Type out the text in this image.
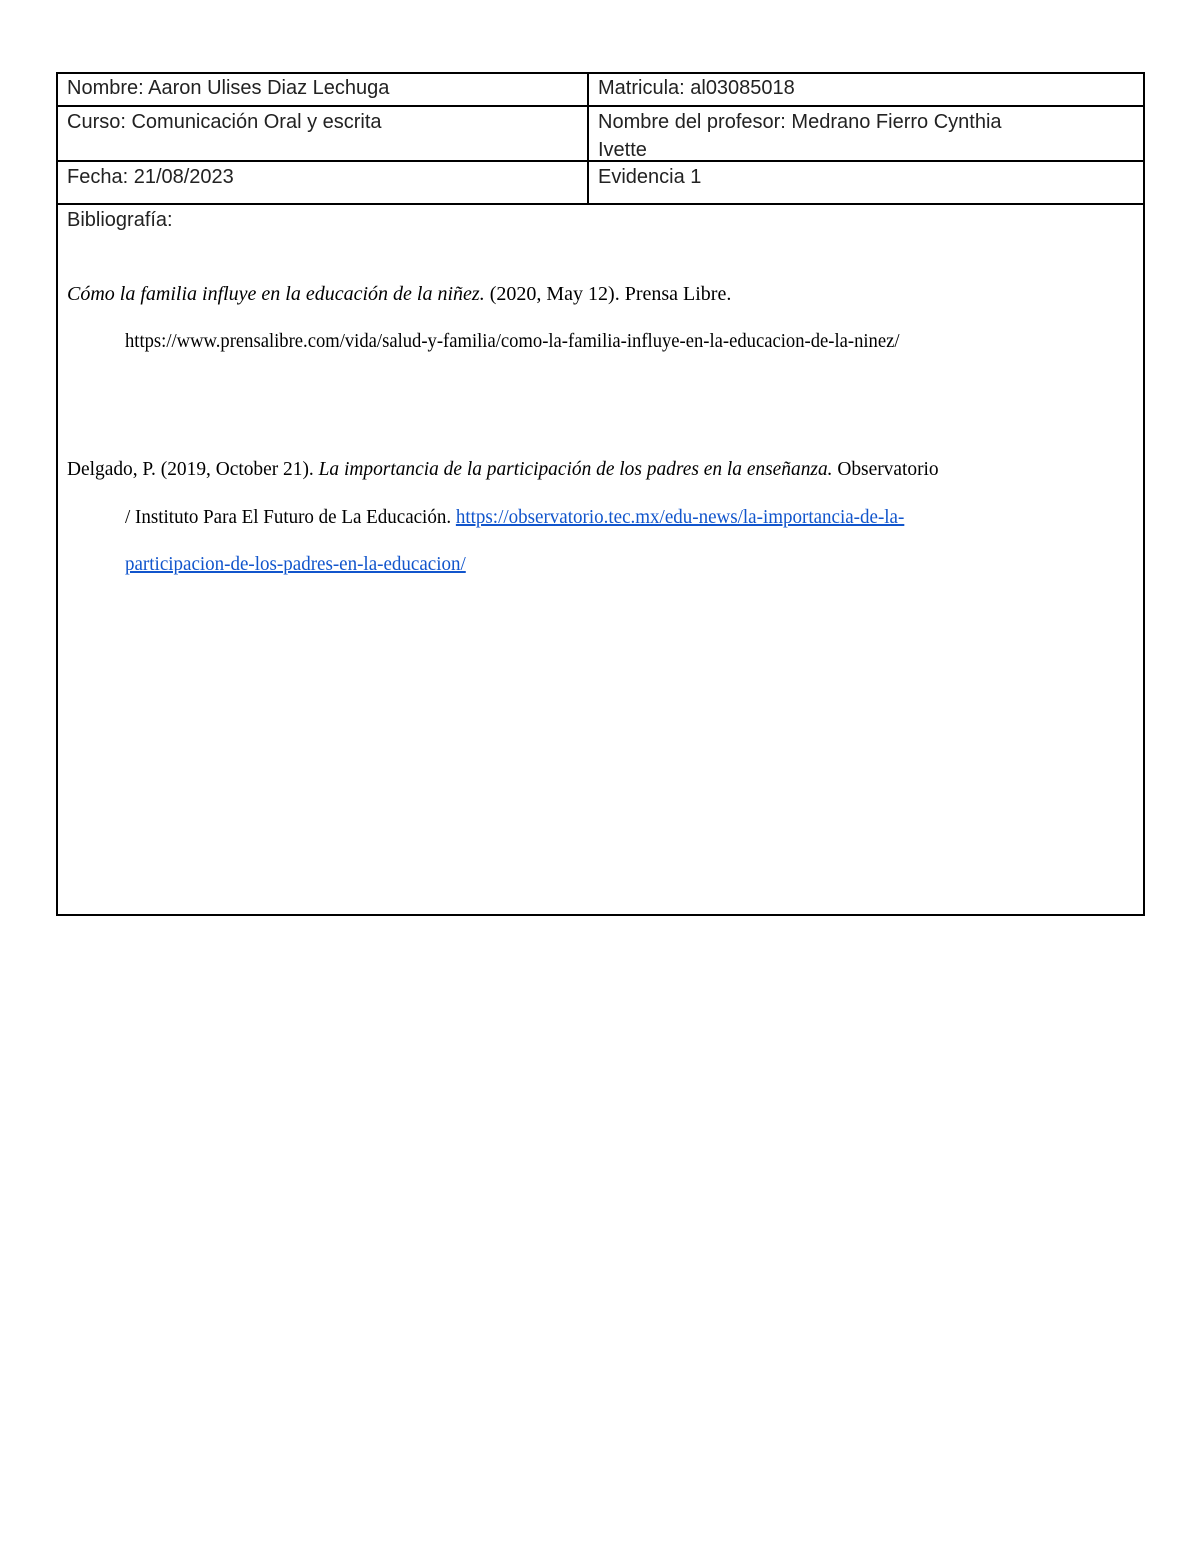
Nombre: Aaron Ulises Diaz Lechuga	Matricula: al03085018
Curso: Comunicación Oral y escrita	Nombre del profesor: Medrano Fierro Cynthia
Ivette
Fecha: 21/08/2023	Evidencia 1
Bibliografía:
Cómo la familia influye en la educación de la niñez. (2020, May 12). Prensa Libre.
https://www.prensalibre.com/vida/salud-y-familia/como-la-familia-influye-en-la-educacion-de-la-ninez/
Delgado, P. (2019, October 21). La importancia de la participación de los padres en la enseñanza. Observatorio
/ Instituto Para El Futuro de La Educación. https://observatorio.tec.mx/edu-news/la-importancia-de-la-
participacion-de-los-padres-en-la-educacion/
